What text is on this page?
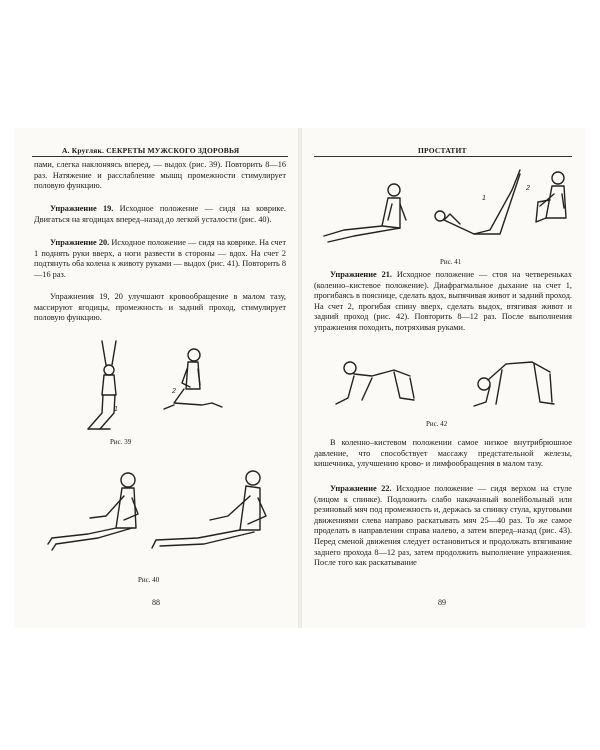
А. Кругляк. СЕКРЕТЫ МУЖСКОГО ЗДОРОВЬЯ

пами, слегка наклоняясь вперед, — выдох (рис. 39). Повторить 8—16 раз. Натяжение и расслабление мышц промежности стимулирует половую функцию.

Упражнение 19. Исходное положение — сидя на коврике. Двигаться на ягодицах вперед–назад до легкой усталости (рис. 40).

Упражнение 20. Исходное положение — сидя на коврике. На счет 1 поднять руки вверх, а ноги развести в стороны — вдох. На счет 2 подтянуть оба колена к животу руками — выдох (рис. 41). Повторить 8—16 раз.

Упражнения 19, 20 улучшают кровообращение в малом тазу, массируют ягодицы, промежность и задний проход, стимулирует половую функцию.

1
2
Рис. 39
Рис. 40
88
ПРОСТАТИТ
1
2
Рис. 41

Упражнение 21. Исходное положение — стоя на четвереньках (коленно–кистевое положение). Диафрагмальное дыхание на счет 1, прогибаясь в пояснице, сделать вдох, выпячивая живот и задний проход. На счет 2, прогибая спину вверх, сделать выдох, втягивая живот и задний проход (рис. 42). Повторить 8—12 раз. После выполнения упражнения походить, потряхивая руками.

Рис. 42

В коленно–кистевом положении самое низкое внутрибрюшное давление, что способствует массажу предстательной железы, кишечника, улучшению крово- и лимфообращения в малом тазу.

Упражнение 22. Исходное положение — сидя верхом на стуле (лицом к спинке). Подложить слабо накачанный волейбольный или резиновый мяч под промежность и, держась за спинку стула, круговыми движениями слева направо раскатывать мяч 25—40 раз. То же самое проделать в направлении справа налево, а затем вперед–назад (рис. 43). Перед сменой движения следует остановиться и продолжать втягивание заднего прохода 8—12 раз, затем продолжить выполнение упражнения. После того как раскатывание

89
